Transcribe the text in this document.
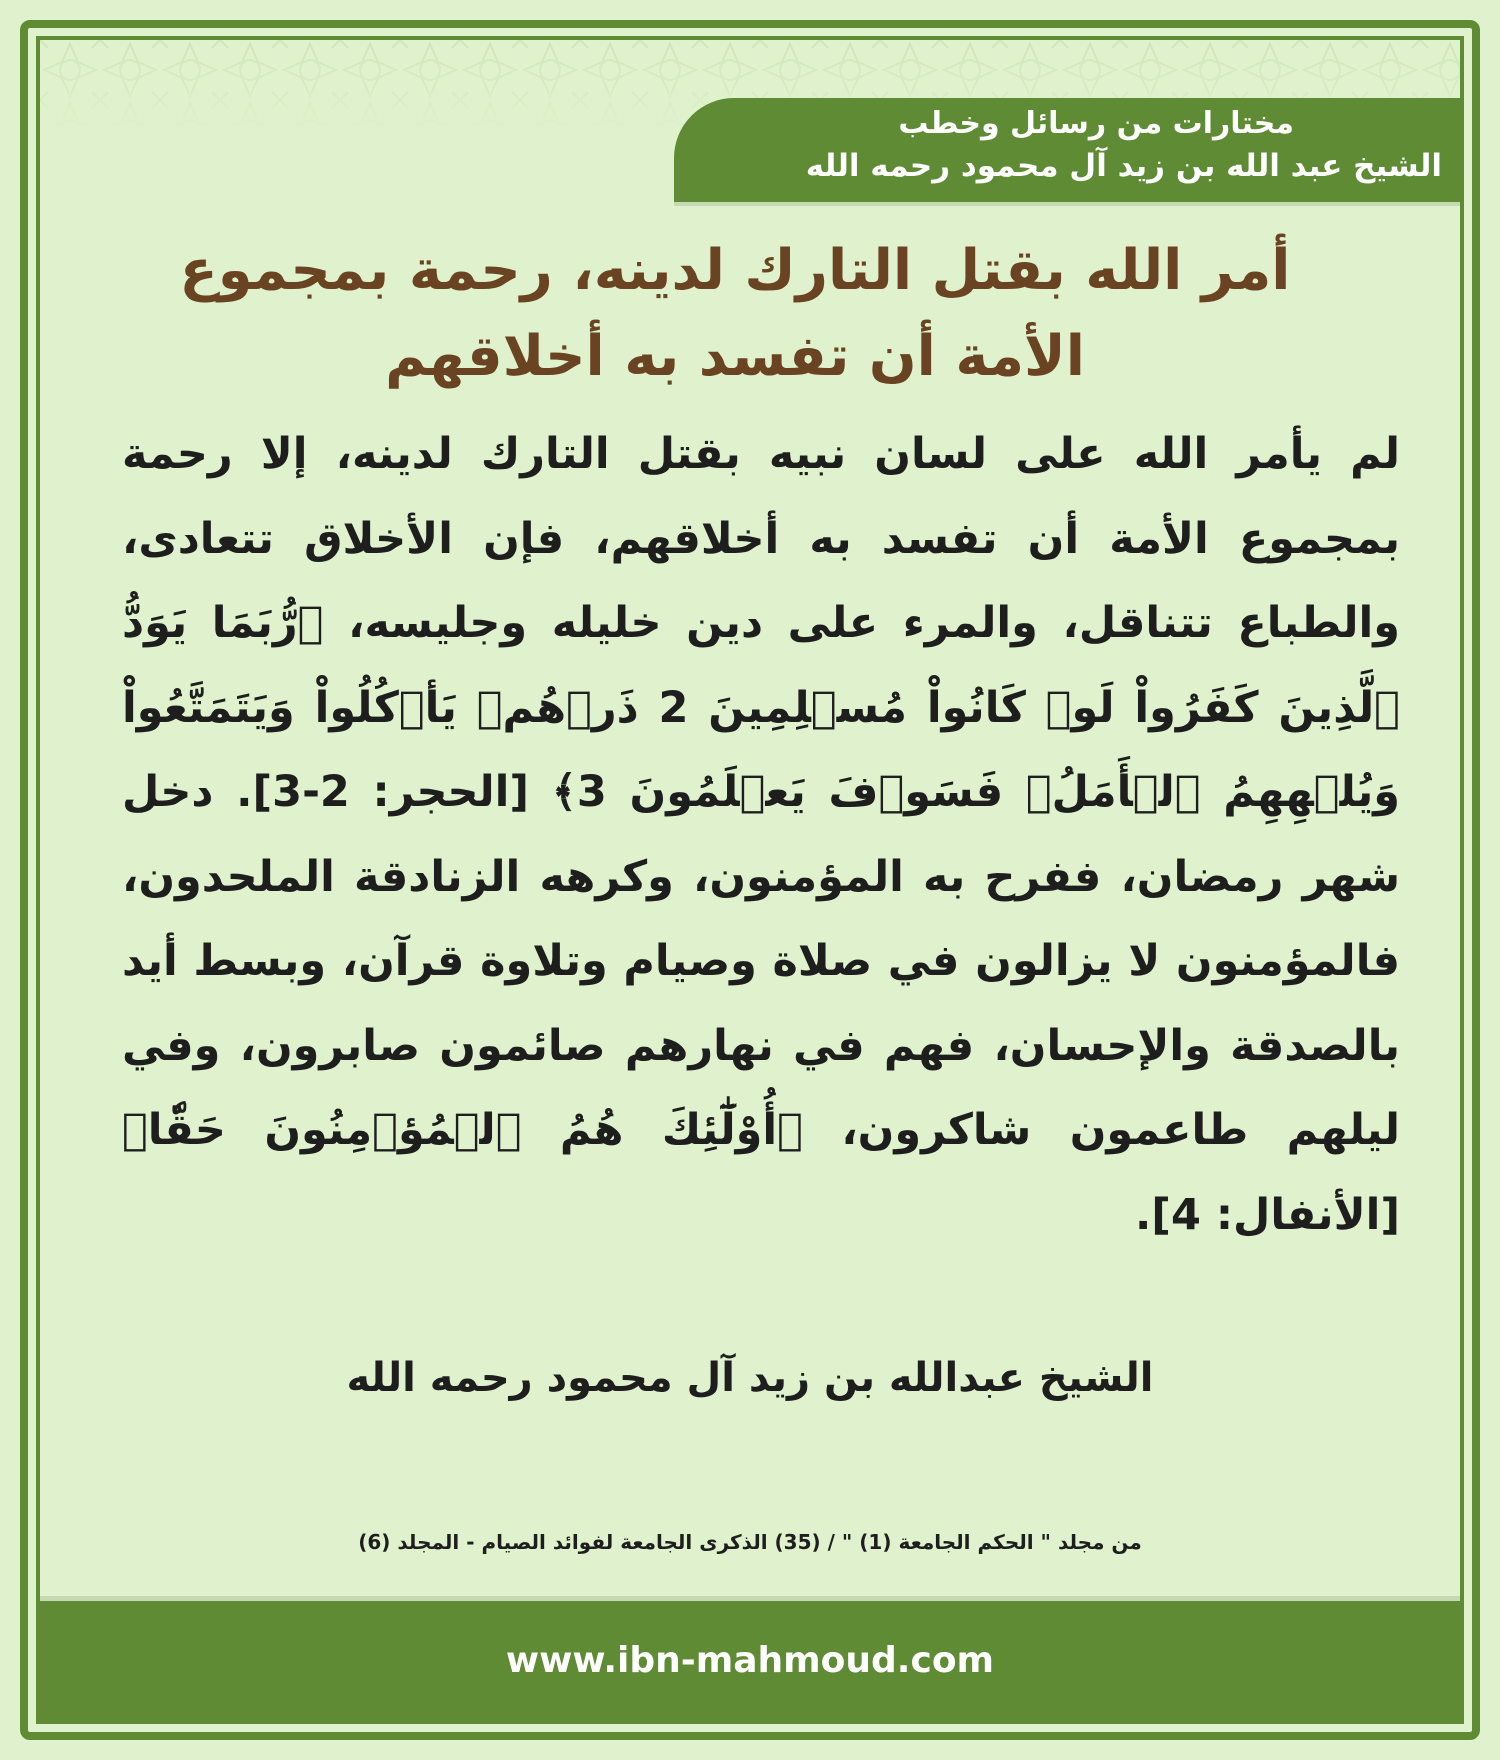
مختارات من رسائل وخطب
الشيخ عبد الله بن زيد آل محمود رحمه الله
أمر الله بقتل التارك لدينه، رحمة بمجموع الأمة أن تفسد به أخلاقهم
لم يأمر الله على لسان نبيه بقتل التارك لدينه، إلا رحمة بمجموع الأمة أن تفسد به أخلاقهم، فإن الأخلاق تتعادى، والطباع تتناقل، والمرء على دين خليله وجليسه، ﴿رُّبَمَا يَوَدُّ ٱلَّذِينَ كَفَرُواْ لَوۡ كَانُواْ مُسۡلِمِينَ 2 ذَرۡهُمۡ يَأۡكُلُواْ وَيَتَمَتَّعُواْ وَيُلۡهِهِمُ ٱلۡأَمَلُۖ فَسَوۡفَ يَعۡلَمُونَ 3﴾ [الحجر: 2-3]. دخل شهر رمضان، ففرح به المؤمنون، وكرهه الزنادقة الملحدون، فالمؤمنون لا يزالون في صلاة وصيام وتلاوة قرآن، وبسط أيد بالصدقة والإحسان، فهم في نهارهم صائمون صابرون، وفي ليلهم طاعمون شاكرون، ﴿أُوْلَٰٓئِكَ هُمُ ٱلۡمُؤۡمِنُونَ حَقّٗا﴾ [الأنفال: 4].
الشيخ عبدالله بن زيد آل محمود رحمه الله
من مجلد " الحكم الجامعة (1) " / (35) الذكرى الجامعة لفوائد الصيام - المجلد (6)
www.ibn-mahmoud.com
